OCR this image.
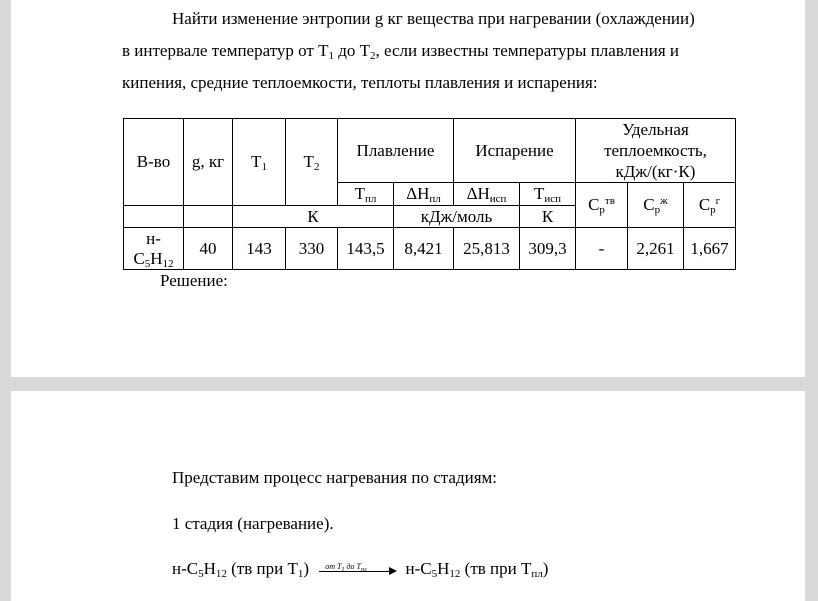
Найти изменение энтропии g кг вещества при нагревании (охлаждении)
в интервале температур от $T_1$ до $T_2$, если известны температуры плавления и
кипения, средние теплоемкости, теплоты плавления и испарения:
В-во	g, кг	$T_1$	$T_2$	Плавление		Испарение		Удельная
теплоемкость,
кДж/(кг·К)		

				$T_{пл}$	$\Delta H_{пл}$	$\Delta H_{исп}$	$T_{исп}$	$C_p^{тв}$	$C_p^ж$	$C_p^г$
		К			кДж/моль		К			

н-
$C_5H_{12}$	40	143	330	143,5	8,421	25,813	309,3	-	2,261	1,667
Решение:
Представим процесс нагревания по стадиям:
1 стадия (нагревание).
$н-C_5H_{12}$ (тв при $T_1$) от $T_1$ до $T_{пл}$ $н-C_5H_{12}$ (тв при $T_{пл}$)
